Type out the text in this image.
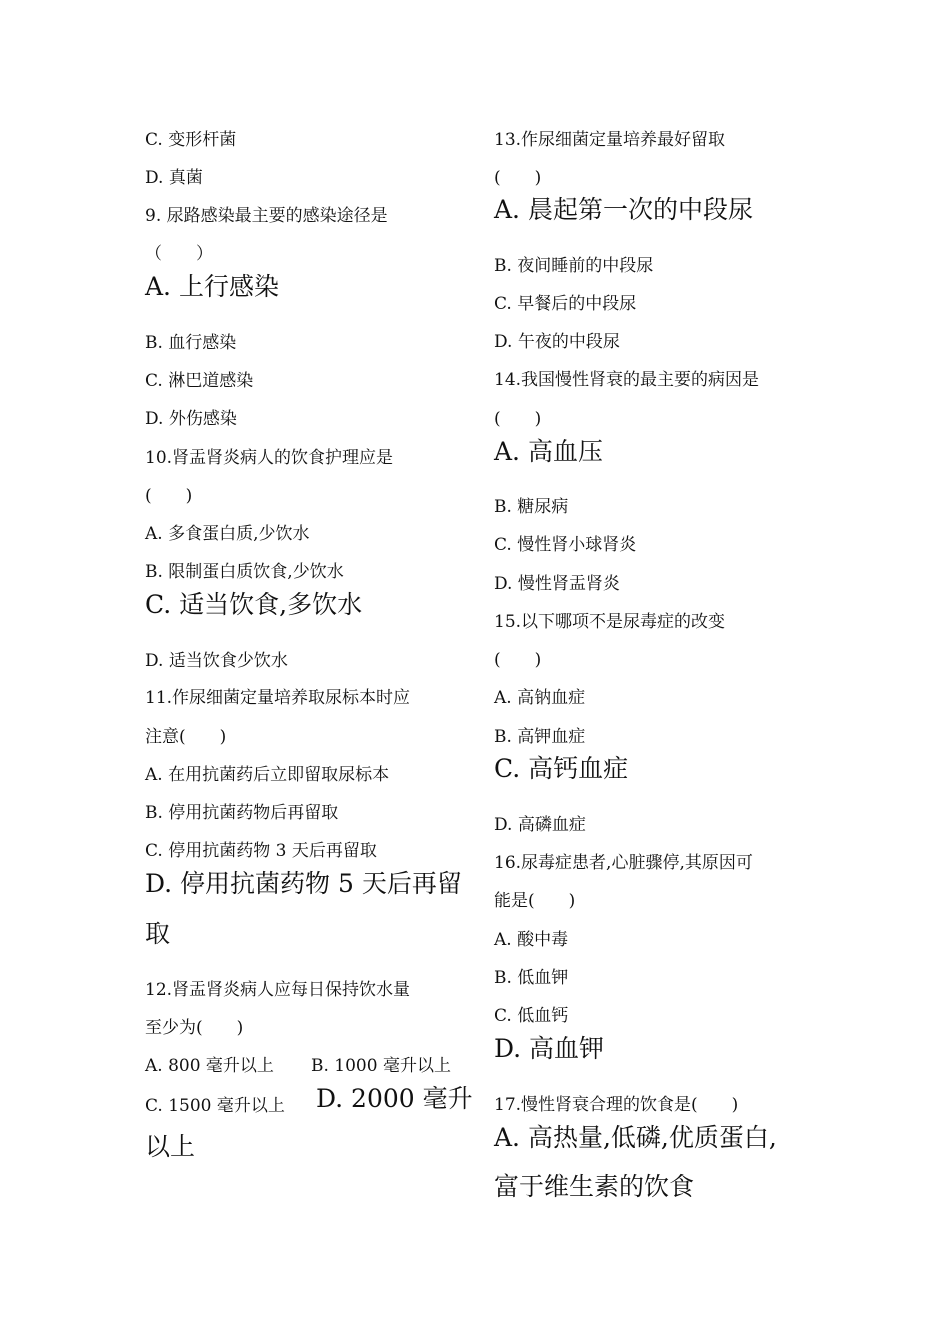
C. 变形杆菌
D. 真菌
9. 尿路感染最主要的感染途径是
（　　）
A. 上行感染
B. 血行感染
C. 淋巴道感染
D. 外伤感染
10.肾盂肾炎病人的饮食护理应是
(　　)
A. 多食蛋白质,少饮水
B. 限制蛋白质饮食,少饮水
C. 适当饮食,多饮水
D. 适当饮食少饮水
11.作尿细菌定量培养取尿标本时应
注意(　　)
A. 在用抗菌药后立即留取尿标本
B. 停用抗菌药物后再留取
C. 停用抗菌药物 3 天后再留取
D. 停用抗菌药物 5 天后再留
取
12.肾盂肾炎病人应每日保持饮水量
至少为(　　)
13.作尿细菌定量培养最好留取
(　　)
A. 晨起第一次的中段尿
B. 夜间睡前的中段尿
C. 早餐后的中段尿
D. 午夜的中段尿
14.我国慢性肾衰的最主要的病因是
(　　)
A. 高血压
B. 糖尿病
C. 慢性肾小球肾炎
D. 慢性肾盂肾炎
15.以下哪项不是尿毒症的改变
(　　)
A. 高钠血症
B. 高钾血症
C. 高钙血症
D. 高磷血症
16.尿毒症患者,心脏骤停,其原因可
能是(　　)
A. 酸中毒
B. 低血钾
C. 低血钙
D. 高血钾
17.慢性肾衰合理的饮食是(　　)
A. 高热量,低磷,优质蛋白,
富于维生素的饮食
A. 800 毫升以上 B. 1000 毫升以上
C. 1500 毫升以上 D. 2000 毫升
以上
